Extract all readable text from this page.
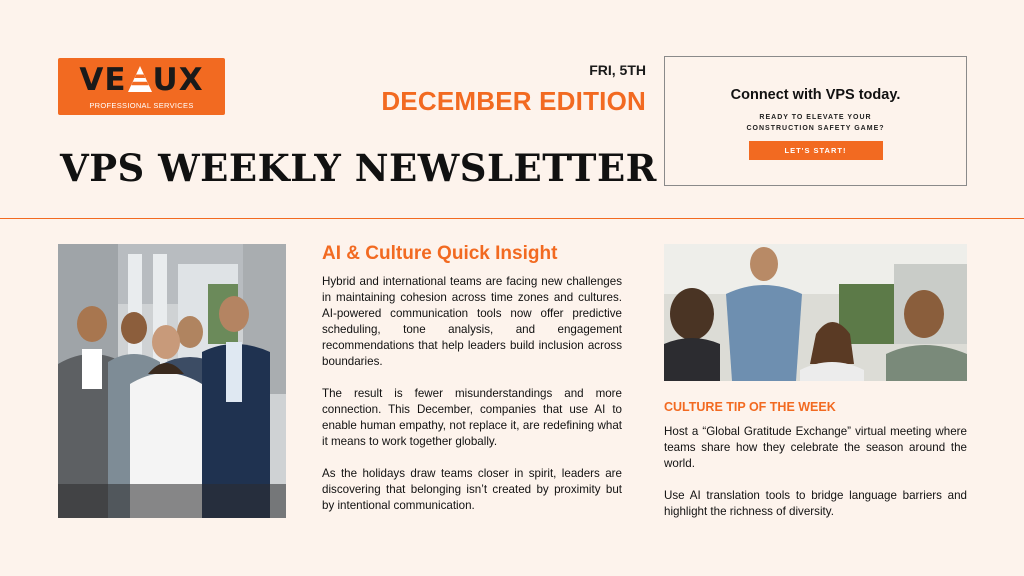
VE UX
PROFESSIONAL SERVICES
FRI, 5TH
DECEMBER EDITION
VPS WEEKLY NEWSLETTER
Connect with VPS today.
READY TO ELEVATE YOUR
CONSTRUCTION SAFETY GAME?
LET'S START!
AI & Culture Quick Insight

Hybrid and international teams are facing new challenges in maintaining cohesion across time zones and cultures. AI-powered communication tools now offer predictive scheduling, tone analysis, and engagement recommendations that help leaders build inclusion across boundaries.

The result is fewer misunderstandings and more connection. This December, companies that use AI to enable human empathy, not replace it, are redefining what it means to work together globally.

As the holidays draw teams closer in spirit, leaders are discovering that belonging isn’t created by proximity but by intentional communication.

CULTURE TIP OF THE WEEK

Host a “Global Gratitude Exchange” virtual meeting where teams share how they celebrate the season around the world.

Use AI translation tools to bridge language barriers and highlight the richness of diversity.
